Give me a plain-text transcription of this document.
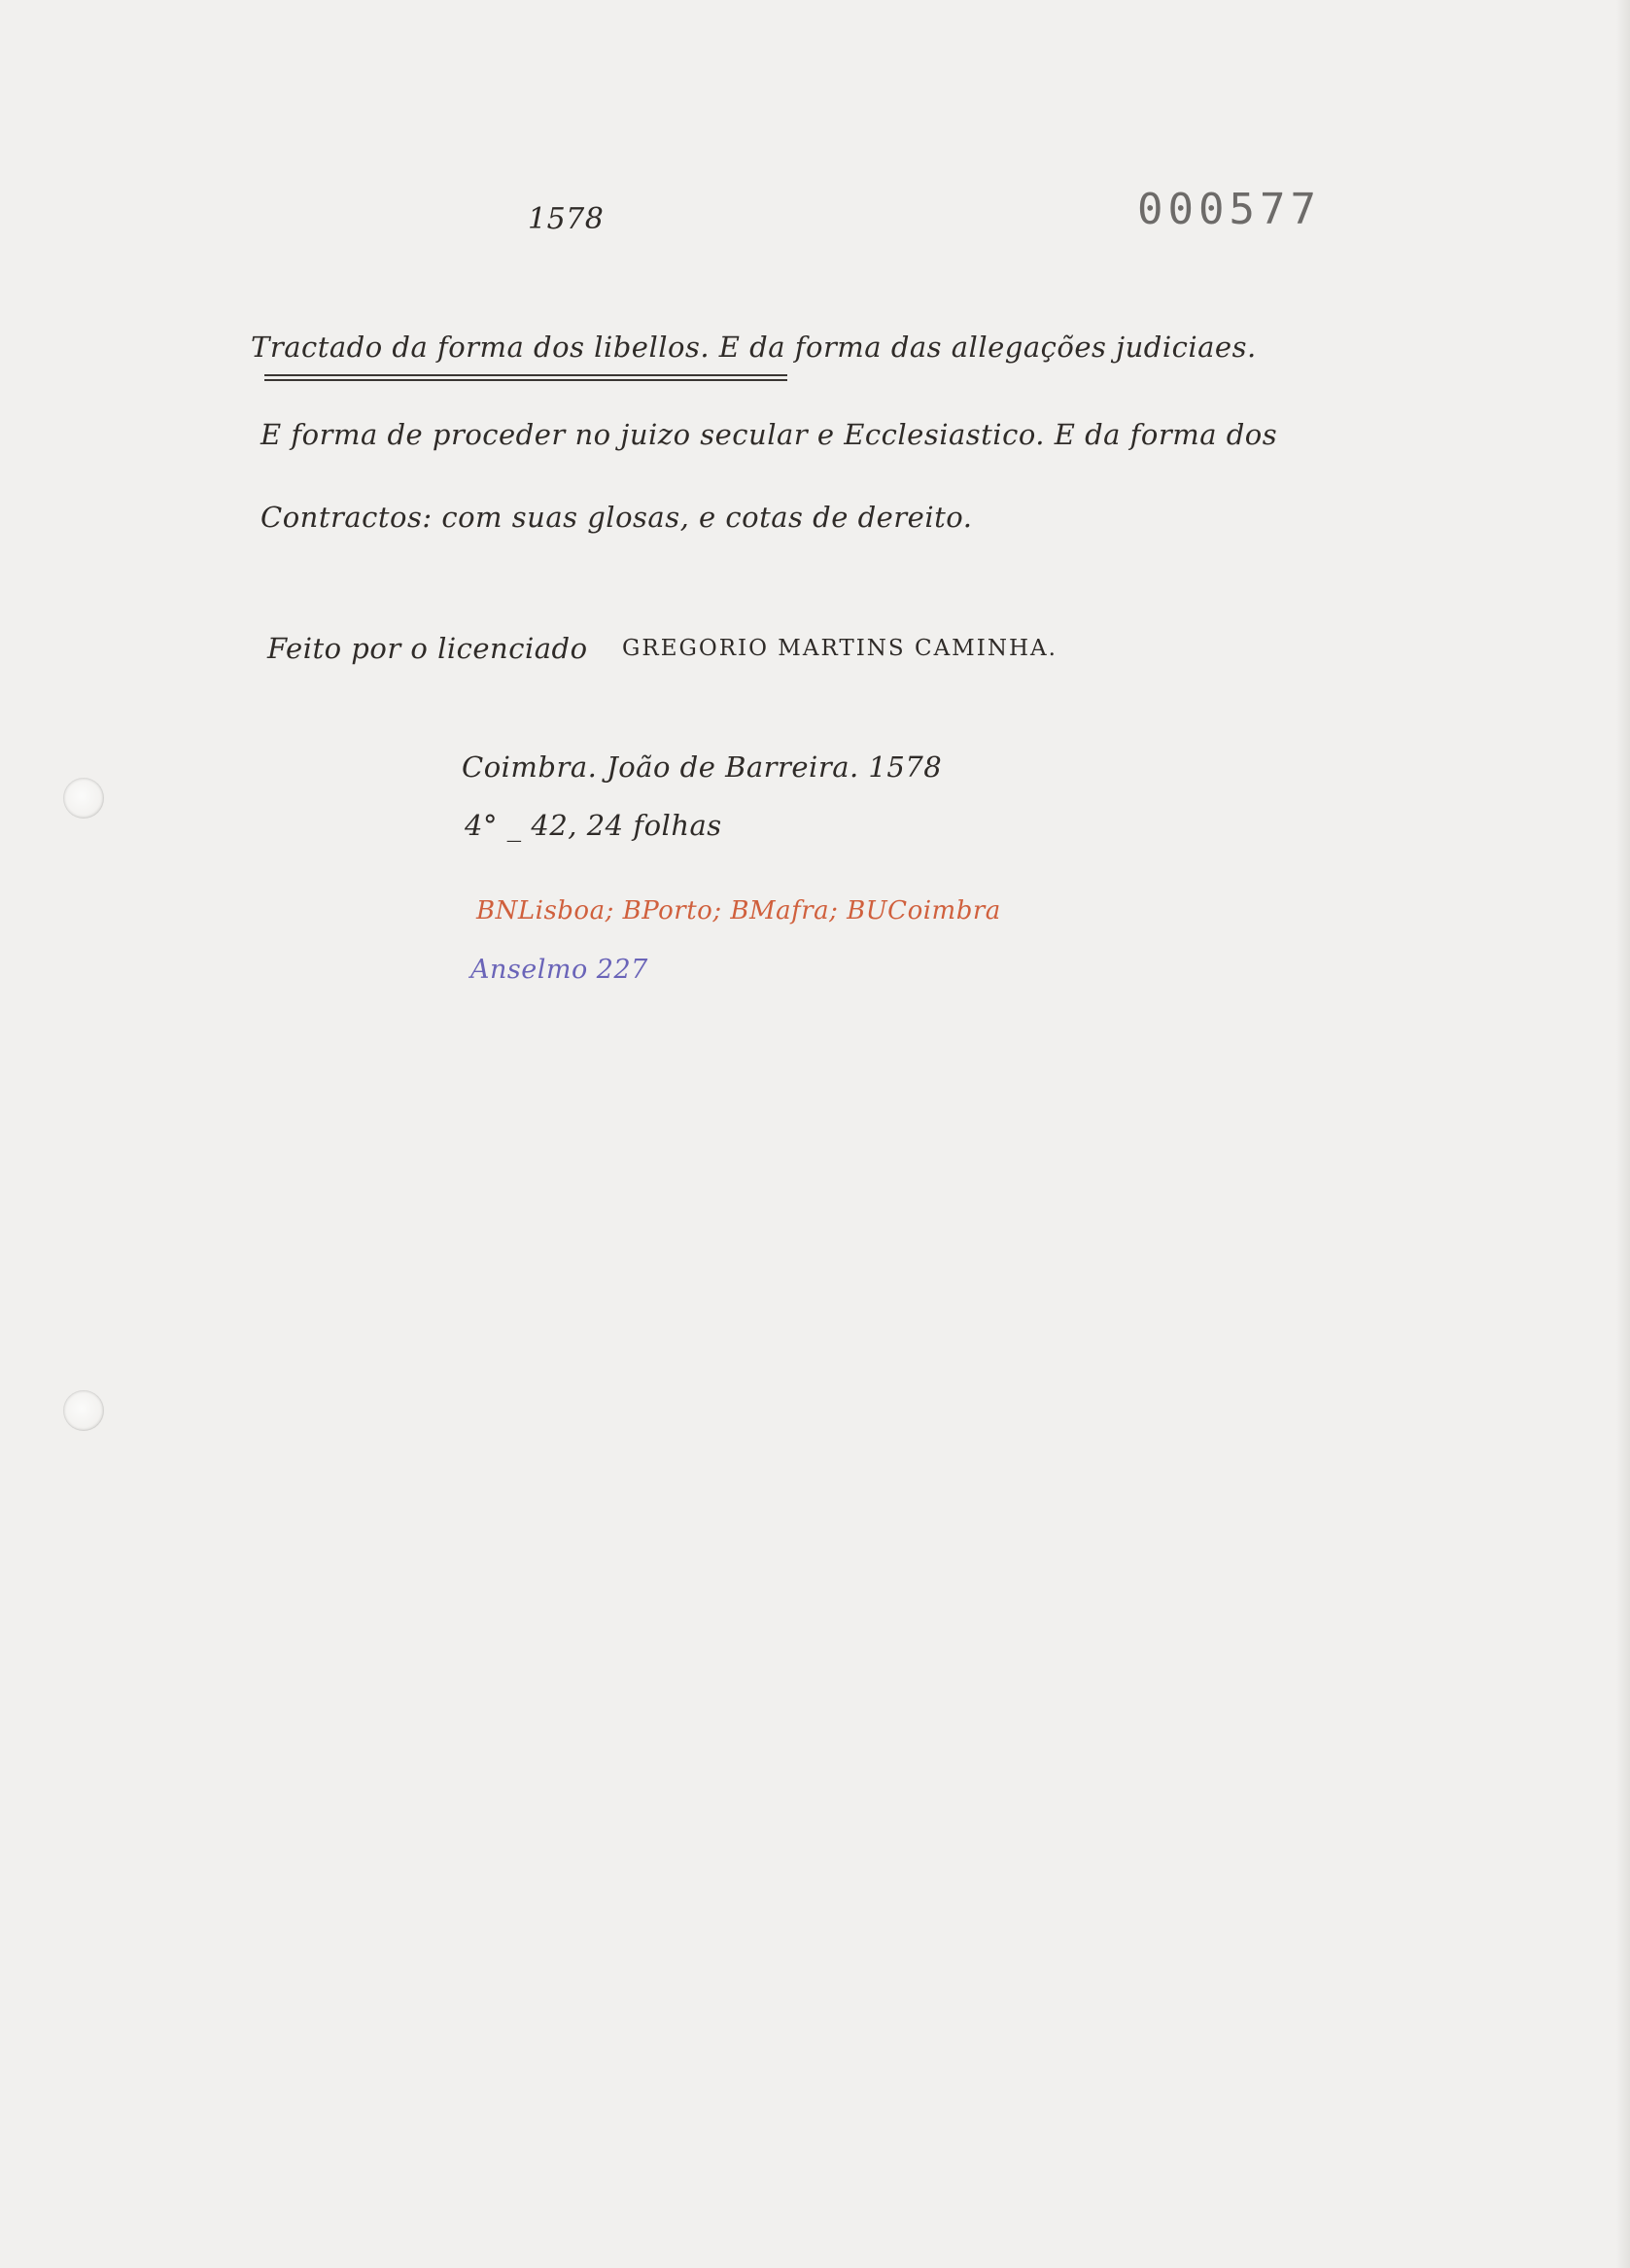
1578	000577
Tractado da forma dos libellos. E da forma das allegações judiciaes.
E forma de proceder no juizo secular e Ecclesiastico. E da forma dos
Contractos: com suas glosas, e cotas de dereito.
Feito por o licenciado GREGORIO MARTINS CAMINHA.
Coimbra. João de Barreira. 1578
4° _ 42, 24 folhas
BNLisboa; BPorto; BMafra; BUCoimbra
Anselmo 227
